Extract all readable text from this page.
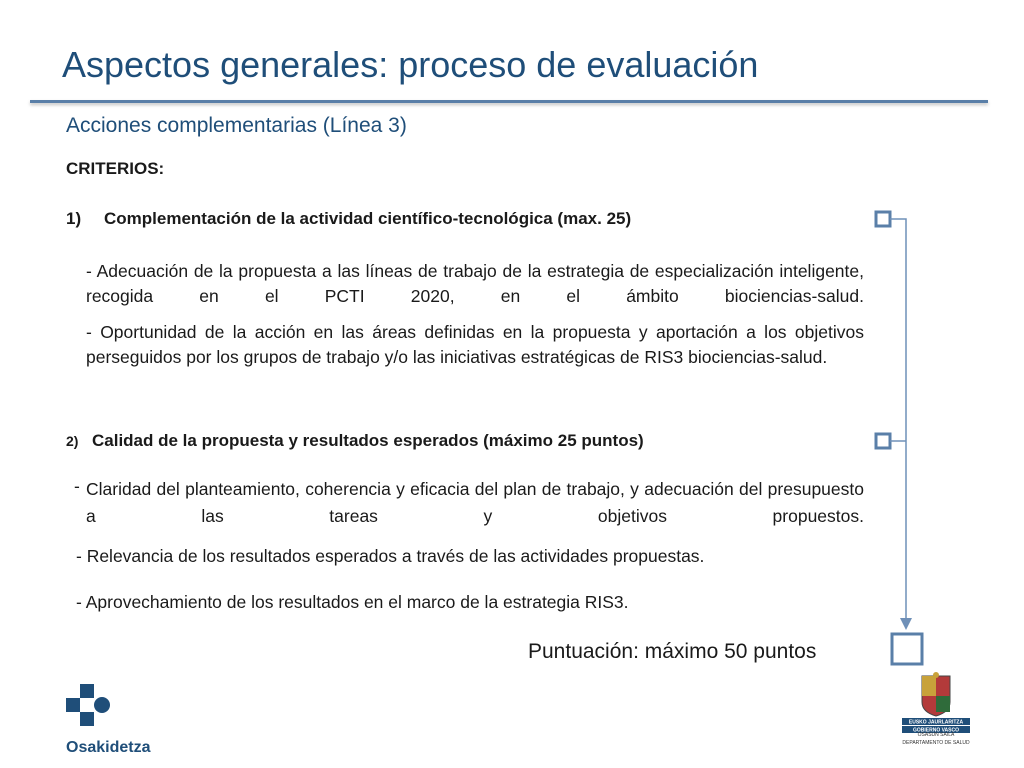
Aspectos generales: proceso de evaluación
Acciones complementarias (Línea 3)
CRITERIOS:
1) Complementación de la actividad científico-tecnológica (max. 25)
- Adecuación de la propuesta a las líneas de trabajo de la estrategia de especialización inteligente, recogida en el PCTI 2020, en el ámbito biociencias-salud.
- Oportunidad de la acción en las áreas definidas en la propuesta y aportación a los objetivos perseguidos por los grupos de trabajo y/o las iniciativas estratégicas de RIS3 biociencias-salud.
2) Calidad de la propuesta y resultados esperados (máximo 25 puntos)
- Claridad del planteamiento, coherencia y eficacia del plan de trabajo, y adecuación del presupuesto a las tareas y objetivos propuestos.
- Relevancia de los resultados esperados a través de las actividades propuestas.
- Aprovechamiento de los resultados en el marco de la estrategia RIS3.
Puntuación: máximo 50 puntos
Osakidetza
EUSKO JAURLARITZA
GOBIERNO VASCO
OSASUN SAILA
DEPARTAMENTO DE SALUD
